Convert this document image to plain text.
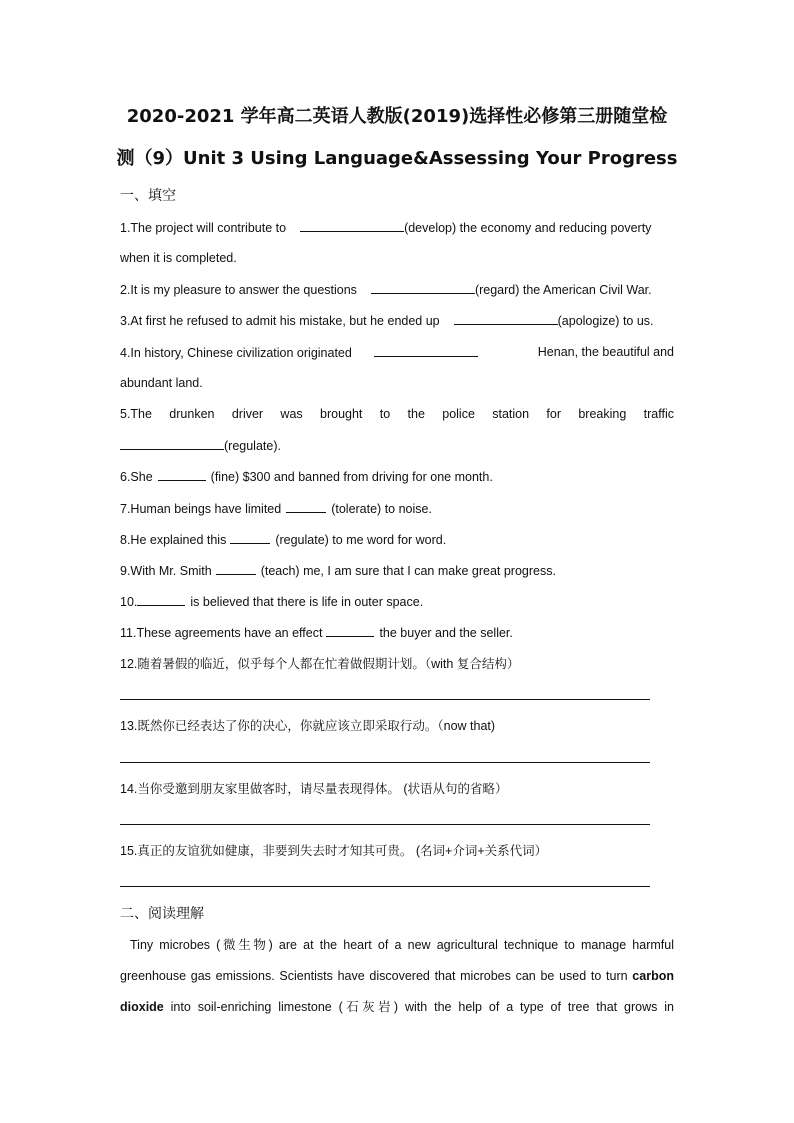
2020-2021 学年高二英语人教版(2019)选择性必修第三册随堂检
测（9）Unit 3 Using Language&Assessing Your Progress
一、填空
1.The project will contribute to	(develop) the economy and reducing poverty
when it is completed.
2.It is my pleasure to answer the questions	(regard) the American Civil War.
3.At first he refused to admit his mistake, but he ended up	(apologize) to us.
4.In history, Chinese civilization originated	Henan, the beautiful and
abundant land.
5.The drunken driver was brought to the police station for breaking traffic
(regulate).
6.She	(fine) $300 and banned from driving for one month.
7.Human beings have limited	(tolerate) to noise.
8.He explained this	(regulate) to me word for word.
9.With Mr. Smith	(teach) me, I am sure that I can make great progress.
10.	is believed that there is life in outer space.
11.These agreements have an effect	the buyer and the seller.
12.随着暑假的临近，似乎每个人都在忙着做假期计划。（with 复合结构）
13.既然你已经表达了你的决心，你就应该立即采取行动。（now that)
14.当你受邀到朋友家里做客时，请尽量表现得体。 (状语从句的省略）
15.真正的友谊犹如健康，非要到失去时才知其可贵。 (名词+介词+关系代词）
二、阅读理解
Tiny microbes (微生物) are at the heart of a new agricultural technique to manage harmful
greenhouse gas emissions. Scientists have discovered that microbes can be used to turn carbon
dioxide into soil-enriching limestone (石灰岩) with the help of a type of tree that grows in
